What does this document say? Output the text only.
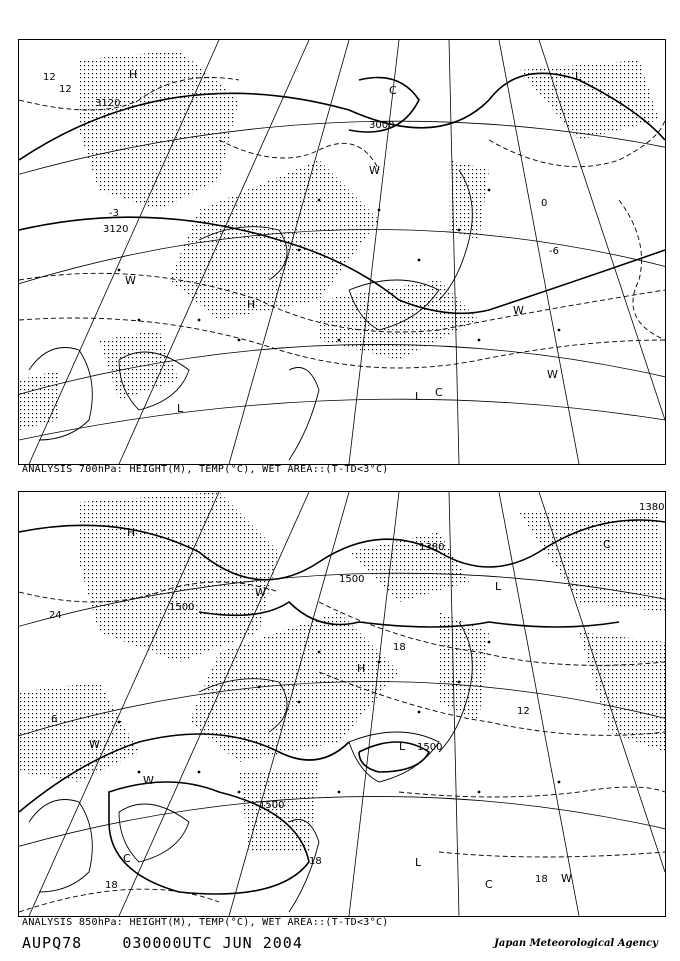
3120
3000
3120
12
12
0
-6
-3
H
H
L
L
L
W
W
W
W
C
C
ANALYSIS 700hPa: HEIGHT(M), TEMP(°C), WET AREA::(T-TD<3°C)
1380
1380
1500
1500
1500
1500
24
18
12
18
18
18
6
H
H
L
L
L
C
C
W
W
W
W
C
ANALYSIS 850hPa: HEIGHT(M), TEMP(°C), WET AREA::(T-TD<3°C)
AUPQ78	030000UTC JUN 2004	Japan Meteorological Agency
